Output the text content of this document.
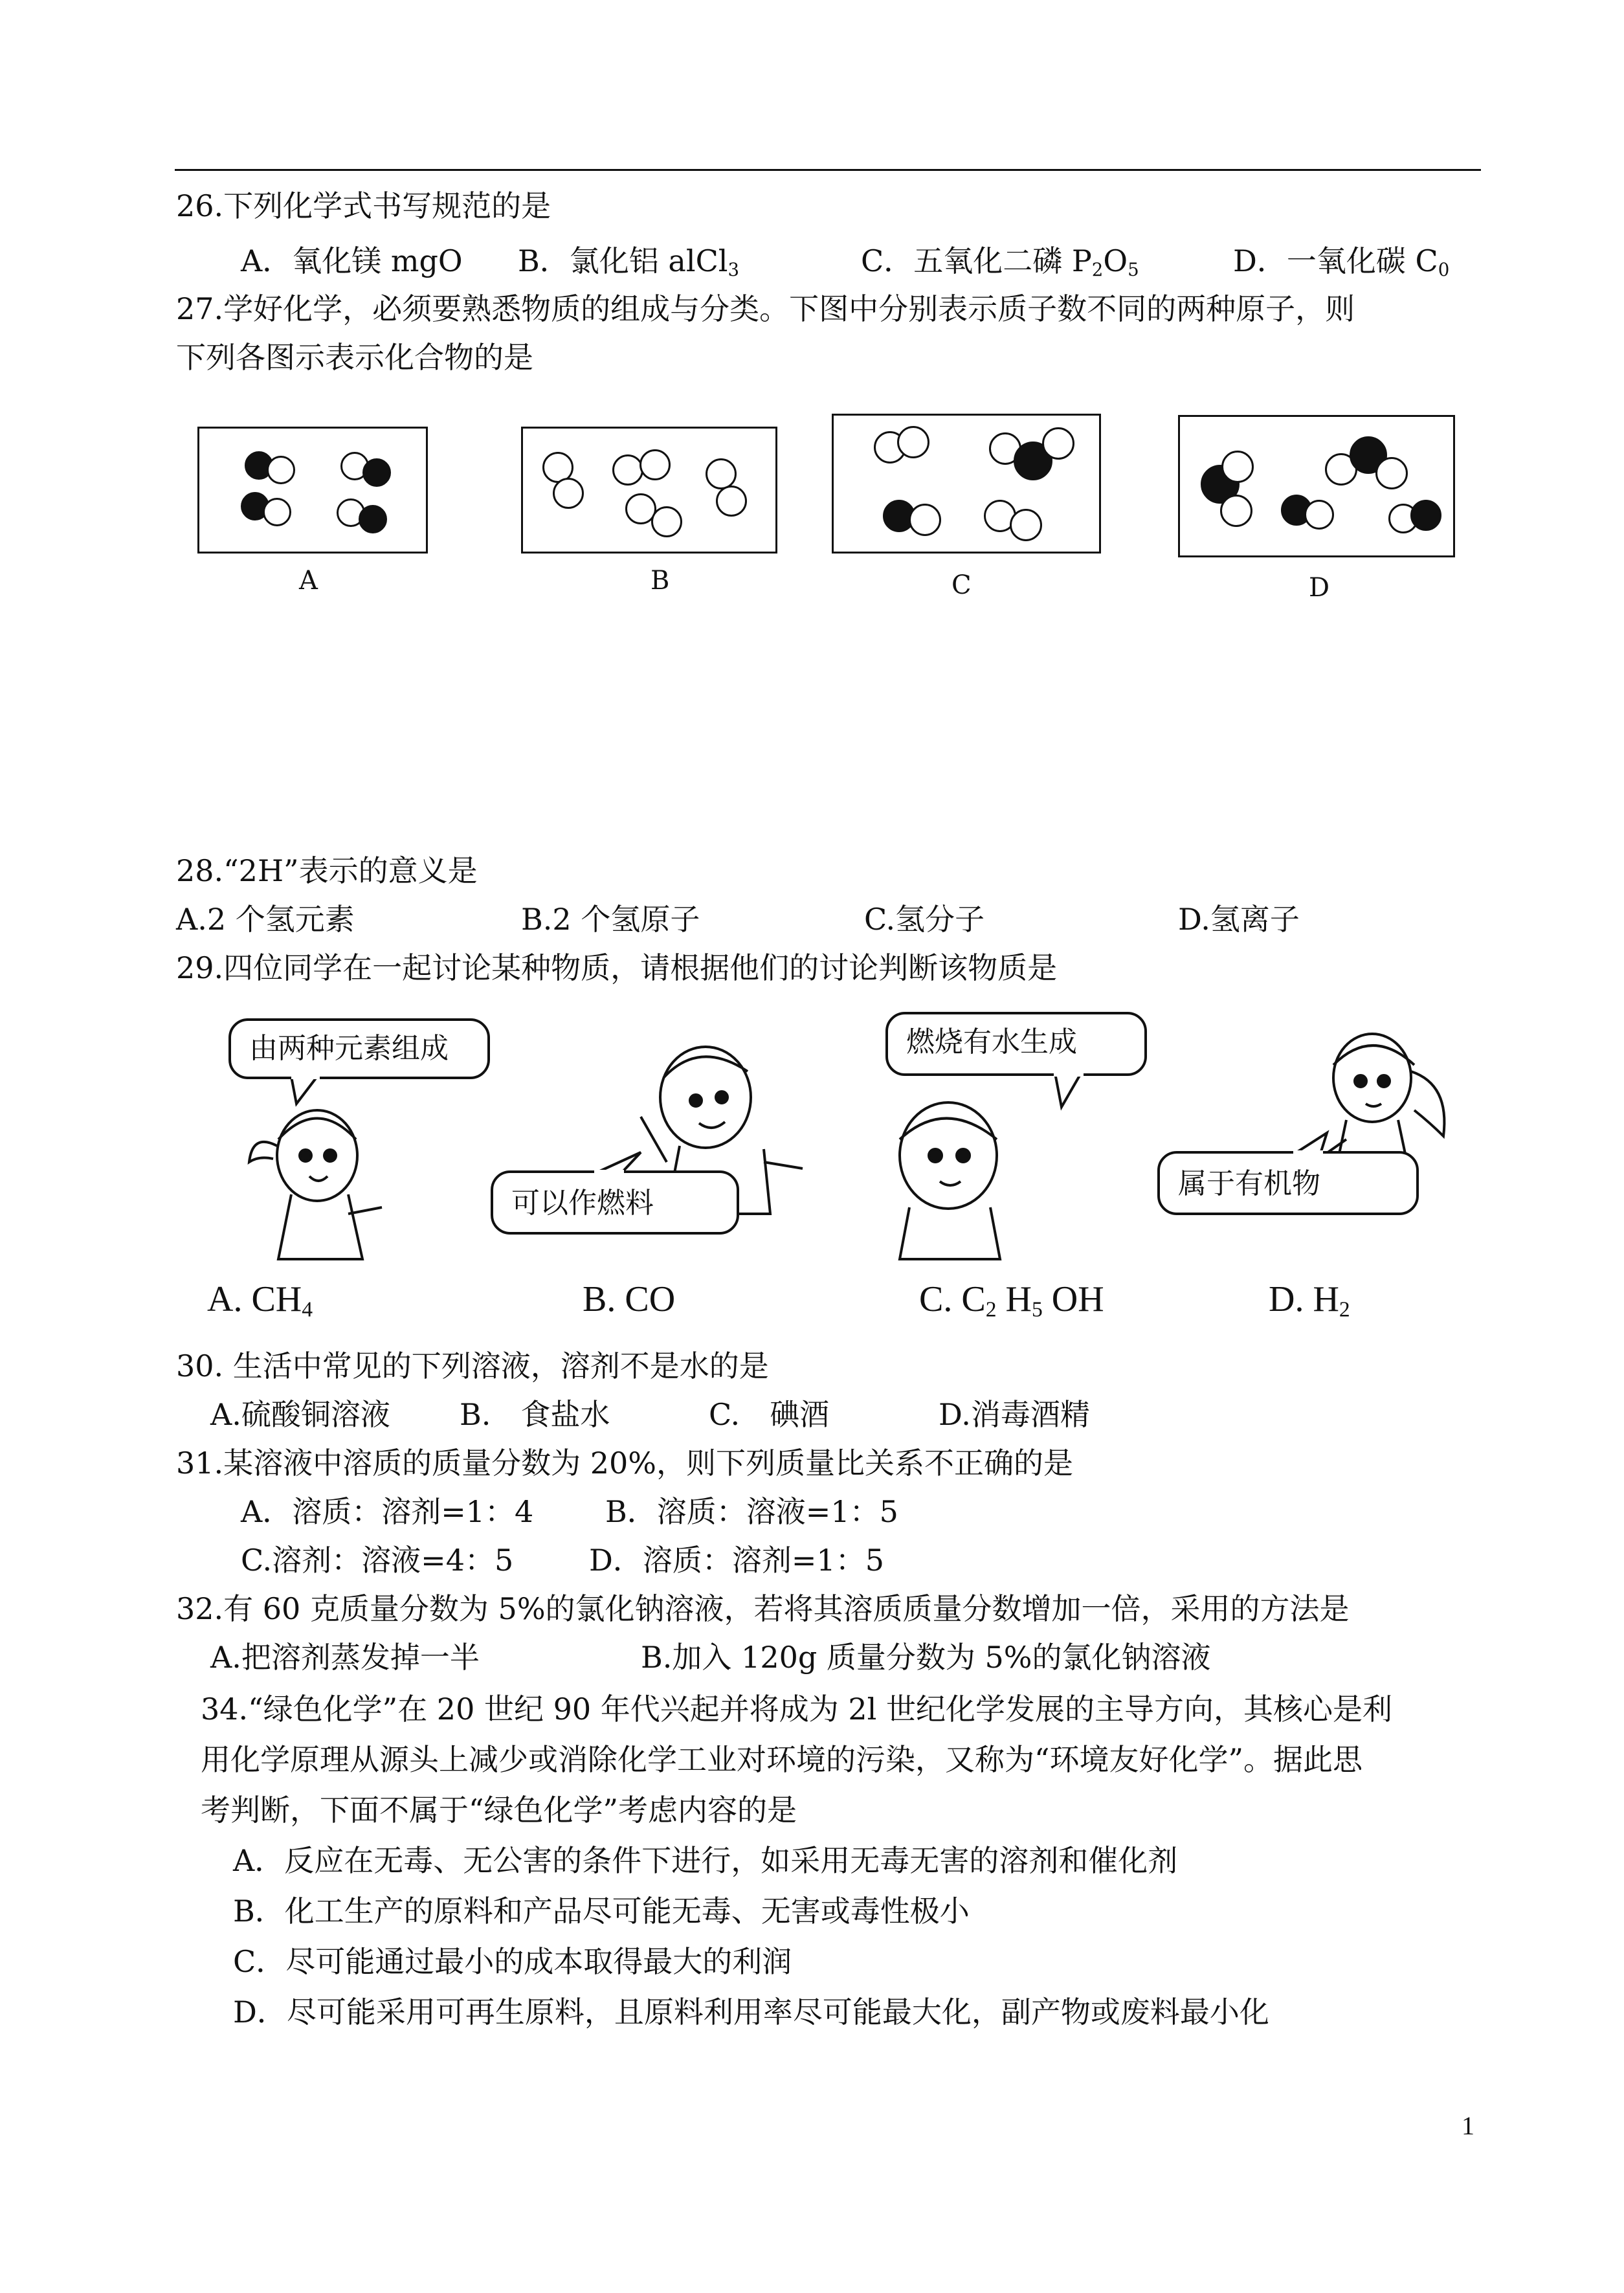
26.下列化学式书写规范的是
A．氧化镁 mgO B．氯化铝 alCl$_3$	C．五氧化二磷 $P_2O_5$	D．一氧化碳 $C_0$
27.学好化学，必须要熟悉物质的组成与分类。下图中分别表示质子数不同的两种原子，则
下列各图示表示化合物的是
A	B	C	D
28.“2H”表示的意义是
A.2 个氢元素	B.2 个氢原子	C.氢分子	D.氢离子
29.四位同学在一起讨论某种物质，请根据他们的讨论判断该物质是
由两种元素组成
可以作燃料
燃烧有水生成
属于有机物
A. $CH_4$	B. CO	C. $C_2$ $H_5$ OH	D. $H_2$
30. 生活中常见的下列溶液，溶剂不是水的是
A.硫酸铜溶液 B.　食盐水	C.　碘酒	D.消毒酒精
31.某溶液中溶质的质量分数为 20%，则下列质量比关系不正确的是
A．溶质：溶剂=1：4 B．溶质：溶液=1：5
C.溶剂：溶液=4：5	D．溶质：溶剂=1：5
32.有 60 克质量分数为 5%的氯化钠溶液，若将其溶质质量分数增加一倍，采用的方法是
A.把溶剂蒸发掉一半	B.加入 120g 质量分数为 5%的氯化钠溶液
34.“绿色化学”在 20 世纪 90 年代兴起并将成为 2l 世纪化学发展的主导方向，其核心是利
用化学原理从源头上减少或消除化学工业对环境的污染，又称为“环境友好化学”。据此思
考判断，下面不属于“绿色化学”考虑内容的是
A．反应在无毒、无公害的条件下进行，如采用无毒无害的溶剂和催化剂
B．化工生产的原料和产品尽可能无毒、无害或毒性极小
C．尽可能通过最小的成本取得最大的利润
D．尽可能采用可再生原料，且原料利用率尽可能最大化，副产物或废料最小化
1
